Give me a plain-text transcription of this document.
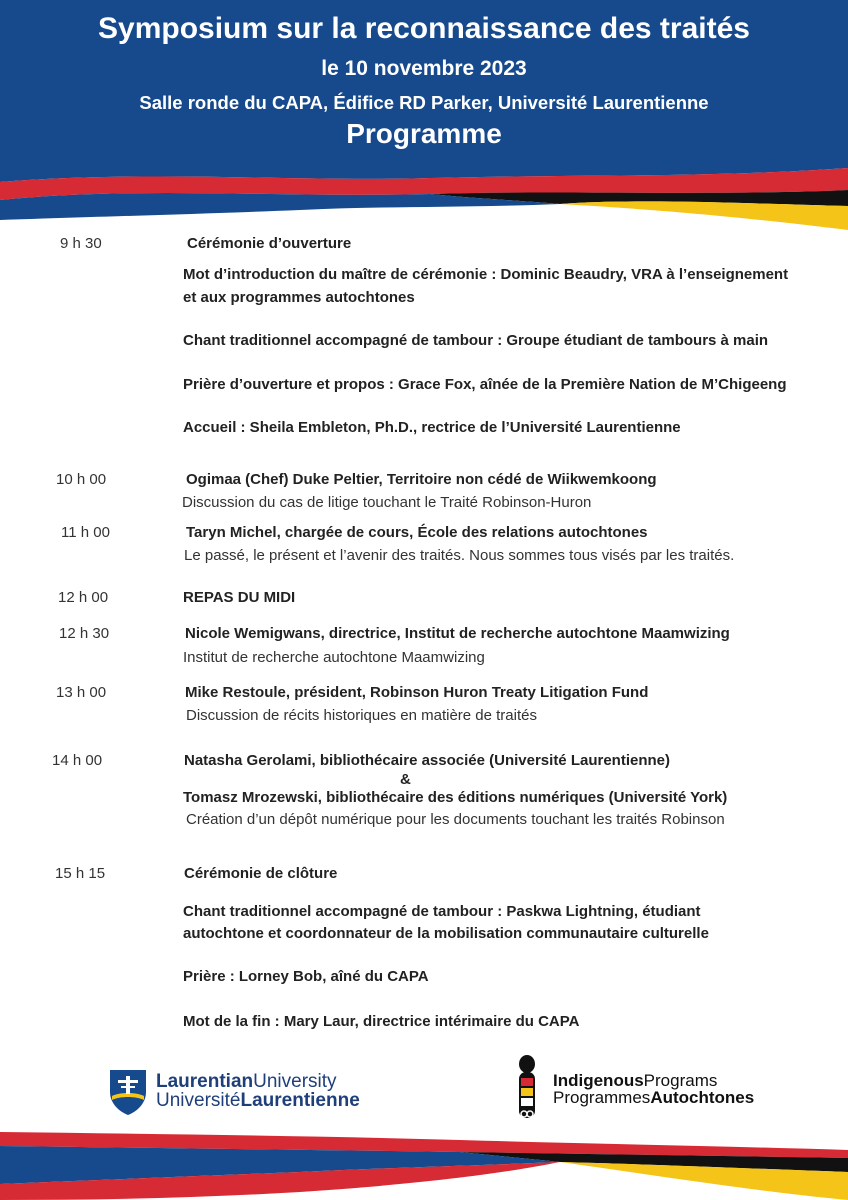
Symposium sur la reconnaissance des traités
le 10 novembre 2023
Salle ronde du CAPA, Édifice RD Parker, Université Laurentienne
Programme
9 h 30	Cérémonie d’ouverture
Mot d’introduction du maître de cérémonie : Dominic Beaudry, VRA à l’enseignement
et aux programmes autochtones
Chant traditionnel accompagné de tambour : Groupe étudiant de tambours à main
Prière d’ouverture et propos : Grace Fox, aînée de la Première Nation de M’Chigeeng
Accueil : Sheila Embleton, Ph.D., rectrice de l’Université Laurentienne
10 h 00	Ogimaa (Chef) Duke Peltier, Territoire non cédé de Wiikwemkoong
Discussion du cas de litige touchant le Traité Robinson-Huron
11 h 00	Taryn Michel, chargée de cours, École des relations autochtones
Le passé, le présent et l’avenir des traités. Nous sommes tous visés par les traités.
12 h 00	REPAS DU MIDI
12 h 30	Nicole Wemigwans, directrice, Institut de recherche autochtone Maamwizing
Institut de recherche autochtone Maamwizing
13 h 00	Mike Restoule, président, Robinson Huron Treaty Litigation Fund
Discussion de récits historiques en matière de traités
14 h 00	Natasha Gerolami, bibliothécaire associée (Université Laurentienne)
&
Tomasz Mrozewski, bibliothécaire des éditions numériques (Université York)
Création d’un dépôt numérique pour les documents touchant les traités Robinson
15 h 15	Cérémonie de clôture
Chant traditionnel accompagné de tambour : Paskwa Lightning, étudiant
autochtone et coordonnateur de la mobilisation communautaire culturelle
Prière : Lorney Bob, aîné du CAPA
Mot de la fin : Mary Laur, directrice intérimaire du CAPA
LaurentianUniversity
UniversitéLaurentienne
IndigenousPrograms
ProgrammesAutochtones
